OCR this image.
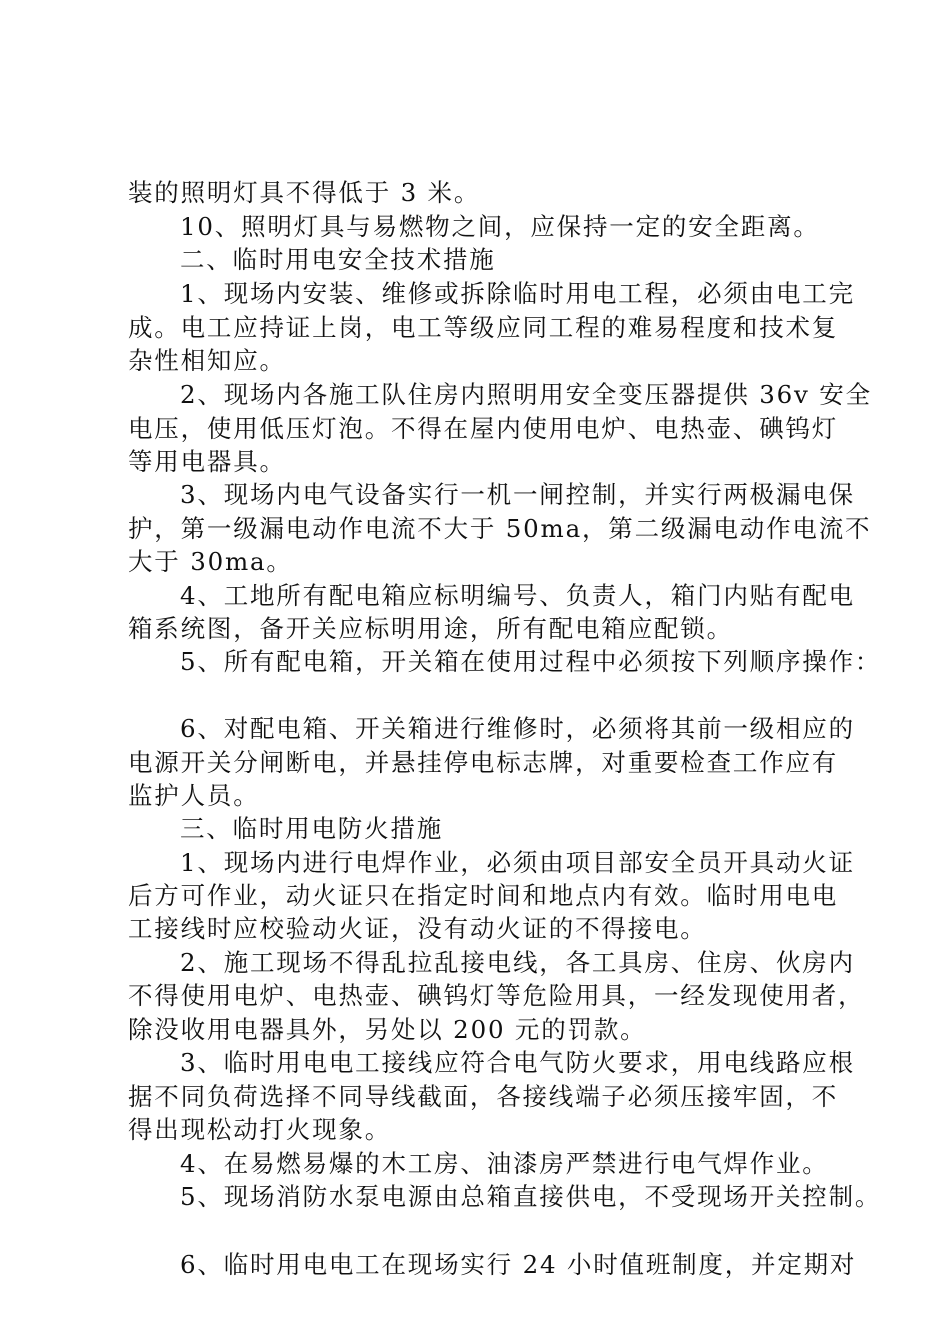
装的照明灯具不得低于 3 米。
10、照明灯具与易燃物之间，应保持一定的安全距离。
二、临时用电安全技术措施
1、现场内安装、维修或拆除临时用电工程，必须由电工完
成。电工应持证上岗，电工等级应同工程的难易程度和技术复
杂性相知应。
2、现场内各施工队住房内照明用安全变压器提供 36v 安全
电压，使用低压灯泡。不得在屋内使用电炉、电热壶、碘钨灯
等用电器具。
3、现场内电气设备实行一机一闸控制，并实行两极漏电保
护，第一级漏电动作电流不大于 50ma，第二级漏电动作电流不
大于 30ma。
4、工地所有配电箱应标明编号、负责人，箱门内贴有配电
箱系统图，备开关应标明用途，所有配电箱应配锁。
5、所有配电箱，开关箱在使用过程中必须按下列顺序操作：
6、对配电箱、开关箱进行维修时，必须将其前一级相应的
电源开关分闸断电，并悬挂停电标志牌，对重要检查工作应有
监护人员。
三、临时用电防火措施
1、现场内进行电焊作业，必须由项目部安全员开具动火证
后方可作业，动火证只在指定时间和地点内有效。临时用电电
工接线时应校验动火证，没有动火证的不得接电。
2、施工现场不得乱拉乱接电线，各工具房、住房、伙房内
不得使用电炉、电热壶、碘钨灯等危险用具，一经发现使用者，
除没收用电器具外，另处以 200 元的罚款。
3、临时用电电工接线应符合电气防火要求，用电线路应根
据不同负荷选择不同导线截面，各接线端子必须压接牢固，不
得出现松动打火现象。
4、在易燃易爆的木工房、油漆房严禁进行电气焊作业。
5、现场消防水泵电源由总箱直接供电，不受现场开关控制。
6、临时用电电工在现场实行 24 小时值班制度，并定期对
